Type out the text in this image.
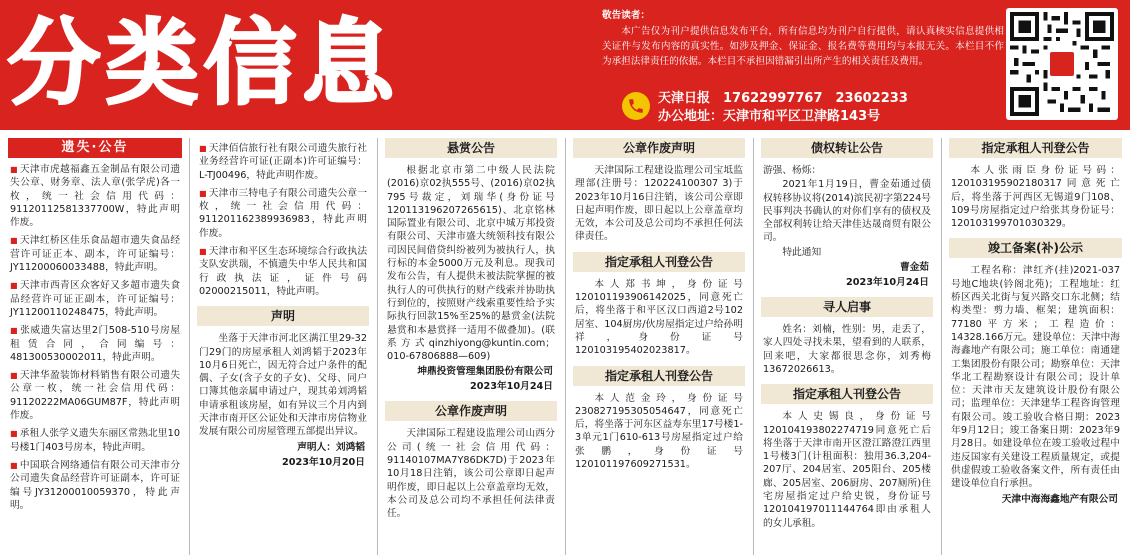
分类信息	敬告读者：
本广告仅为刊户提供信息发布平台，所有信息均为刊户自行提供，请认真核实信息提供相关证件与发布内容的真实性。如涉及押金、保证金、报名费等费用均与本报无关。本栏目不作为承担法律责任的依据。本栏目不承担因错漏引出所产生的相关责任及费用。
天津日报　17622997767　23602233
办公地址：天津市和平区卫津路143号
遗失·公告
■ 天津市虎越福鑫五金制品有限公司遗失公章、财务章、法人章(张学虎)各一枚，统一社会信用代码：91120112581337700W，特此声明作废。
■ 天津红桥区佳乐食品超市遗失食品经营许可证正本、副本，许可证编号：JY11200060033488，特此声明。
■ 天津市西青区众客好又多超市遗失食品经营许可证正副本，许可证编号：JY11200110248475，特此声明。
■ 张威遗失富达里2门508-510号房屋租赁合同，合同编号：481300530002011，特此声明。
■ 天津华盈装饰材料销售有限公司遗失公章一枚，统一社会信用代码：91120222MA06GUM87F，特此声明作废。
■ 承租人张学义遗失东丽区常熟北里10号楼1门403号房本，特此声明。
■ 中国联合网络通信有限公司天津市分公司遗失食品经营许可证副本，许可证编号JY31200010059370，特此声明。
■ 天津佰信旅行社有限公司遗失旅行社业务经营许可证(正副本)许可证编号：L-TJ00496，特此声明作废。
■ 天津市三特电子有限公司遗失公章一枚，统一社会信用代码：911201162389936983，特此声明作废。
■ 天津市和平区生态环境综合行政执法支队安洪瑞，不慎遗失中华人民共和国行政执法证，证件号码02000215011，特此声明。
声明
坐落于天津市河北区满江里29-32门29门的房屋承租人刘鸿韬于2023年10月6日死亡，因无符合过户条件的配偶、子女(含子女的子女)、父母、同户口簿其他亲属申请过户，现其弟刘鸿韬申请承租该房屋，如有异议三个月内到天津市南开区公证处和天津市房信物业发展有限公司房屋管理五部提出异议。
声明人：刘鸿韬
2023年10月20日
悬赏公告
根据北京市第二中级人民法院(2016)京02执555号、(2016)京02执795号裁定，刘瑞华(身份证号120113196207265615)、北京铭林国际置业有限公司、北京中城万邦投资有限公司、天津市盛大统领科技有限公司因民间借贷纠纷被列为被执行人，执行标的本金5000万元及利息。现我司发布公告，有人提供未被法院掌握的被执行人的可供执行的财产线索并协助执行到位的，按照财产线索重要性给予实际执行回款15%至25%的悬赏金(法院悬赏和本悬赏择一适用不做叠加)。(联系方式qinzhiyong@kuntin.com；010-67806888—609)
坤鼎投资管理集团股份有限公司
2023年10月24日
公章作废声明
天津国际工程建设监理公司山西分公司(统一社会信用代码：91140107MA7Y86DK7D)于2023年10月18日注销，该公司公章即日起声明作废，即日起以上公章盖章均无效，本公司及总公司均不承担任何法律责任。
公章作废声明
天津国际工程建设监理公司宝坻监理部(注册号：120224100307 3)于2023年10月16日注销，该公司公章即日起声明作废，即日起以上公章盖章均无效，本公司及总公司均不承担任何法律责任。
指定承租人刊登公告
本人郑书坤，身份证号120101193906142025，同意死亡后，将坐落于和平区汉口西道2号102居室、104厨房/伙房屋指定过户给孙明祥，身份证号120103195402023817。
指定承租人刊登公告
本人范金玲，身份证号230827195305054647，同意死亡后，将坐落于河东区益寿东里17号楼1-3单元1门610-613号房屋指定过户给张鹏，身份证号120101197609271531。
债权转让公告
游强、杨烁：
2021年1月19日，曹金茹通过债权转移协议将(2014)滨民初字第224号民事判决书确认的对你们享有的债权及全部权利转让给天津佳达晟商贸有限公司。
特此通知
曹金茹
2023年10月24日
寻人启事
姓名：刘楠，性别：男，走丢了，家人四处寻找未果，望看到的人联系，回来吧，大家都很思念你，刘秀梅13672026613。
指定承租人刊登公告
本人史锡良，身份证号120104193802274719同意死亡后将坐落于天津市南开区澄江路澄江西里1号楼3门(计租面积：独用36.3,204-207厅、204居室、205阳台、205楼廊、205居室、206厨房、207厕所)住宅房屋指定过户给史锐，身份证号120104197011144764即由承租人的女儿承租。
指定承租人刊登公告
本人张雨臣身份证号码：120103195902180317同意死亡后，将坐落于河西区无锡道9门108、109号房屋指定过户给张其身份证号：120103199701030329。
竣工备案(补)公示
工程名称：津红齐(挂)2021-037号地C地块(钤阁北苑)；工程地址：红桥区西关北街与复兴路交口东北侧；结构类型：剪力墙、框架；建筑面积：77180平方米；工程造价：14328.166万元。建设单位：天津中海海鑫地产有限公司；施工单位：南通建工集团股份有限公司；勘察单位：天津华北工程勘察设计有限公司；设计单位：天津市天友建筑设计股份有限公司；监理单位：天津建华工程咨询管理有限公司。竣工验收合格日期：2023年9月12日；竣工备案日期：2023年9月28日。如建设单位在竣工验收过程中违反国家有关建设工程质量规定，或提供虚假竣工验收备案文件，所有责任由建设单位自行承担。
天津中海海鑫地产有限公司
